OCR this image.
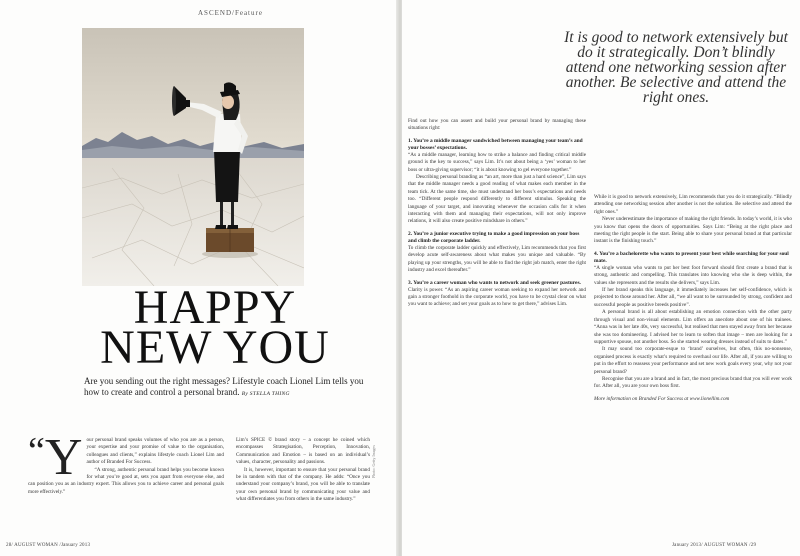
ASCEND/Feature
Photo: Getty Images
HAPPY
NEW YOU
Are you sending out the right messages? Lifestyle coach Lionel Lim tells you how to create and control a personal brand. By STELLA THING
“Y our personal brand speaks volumes of who you are as a person, your expertise and your promise of value to the organisation, colleagues and clients,” explains lifestyle coach Lionel Lim and author of Branded For Success.

“A strong, authentic personal brand helps you become known for what you’re good at, sets you apart from everyone else, and can position you as an industry expert. This allows you to achieve career and personal goals more effectively.”

Lim’s SPICE © brand story – a concept he coined which encompasses Strategisation, Perception, Innovation, Communication and Emotion – is based on an individual’s values, character, personality and passions.

It is, however, important to ensure that your personal brand be in tandem with that of the company. He adds: “Once you understand your company’s brand, you will be able to translate your own personal brand by communicating your value and what differentiates you from others in the same industry.”

28/ AUGUST WOMAN /January 2013
It is good to network extensively but do it strategically. Don’t blindly attend one networking session after another. Be selective and attend the right ones.

Find out how you can assert and build your personal brand by managing these situations right:

1. You’re a middle manager sandwiched between managing your team’s and your bosses’ expectations.

“As a middle manager, learning how to strike a balance and finding critical middle ground is the key to success,” says Lim. It’s not about being a ‘yes’ woman to her boss or ultra-giving supervisor; “it is about knowing to gel everyone together.”

Describing personal branding as “an art, more than just a hard science”, Lim says that the middle manager needs a good reading of what makes each member in the team tick. At the same time, she must understand her boss’s expectations and needs too. “Different people respond differently to different stimulus. Speaking the language of your target, and innovating whenever the occasion calls for it when interacting with them and managing their expectations, will not only improve relations, it will also create positive mindshare in others.”

2. You’re a junior executive trying to make a good impression on your boss and climb the corporate ladder.

To climb the corporate ladder quickly and effectively, Lim recommends that you first develop acute self-awareness about what makes you unique and valuable. “By playing up your strengths, you will be able to find the right job match, enter the right industry and excel thereafter.”

3. You’re a career woman who wants to network and seek greener pastures.

Clarity is power. “As an aspiring career woman seeking to expand her network and gain a stronger foothold in the corporate world, you have to be crystal clear on what you want to achieve; and set your goals as to how to get there,” advises Lim.

While it is good to network extensively, Lim recommends that you do it strategically. “Blindly attending one networking session after another is not the solution. Be selective and attend the right ones.”

Never underestimate the importance of making the right friends. In today’s world, it is who you know that opens the doors of opportunities. Says Lim: “Being at the right place and meeting the right people is the start. Being able to share your personal brand at that particular instant is the finishing touch.”

4. You’re a bachelorette who wants to present your best while searching for your soul mate.

“A single woman who wants to put her best foot forward should first create a brand that is strong, authentic and compelling. This translates into knowing who she is deep within, the values she represents and the results she delivers,” says Lim.

If her brand speaks this language, it immediately increases her self-confidence, which is projected to those around her. After all, “we all want to be surrounded by strong, confident and successful people as positive breeds positive”.

A personal brand is all about establishing an emotion connection with the other party through visual and non-visual elements. Lim offers an anecdote about one of his trainees. “Anna was in her late 40s, very successful, but realised that men stayed away from her because she was too domineering. I advised her to learn to soften that image – men are looking for a supportive spouse, not another boss. So she started wearing dresses instead of suits to dates.”

It may sound too corporate-esque to ‘brand’ ourselves, but often, this no-nonsense, organised process is exactly what’s required to overhaul our life. After all, if you are willing to put in the effort to reassess your performance and set new work goals every year, why not your personal brand?

Recognise that you are a brand and in fact, the most precious brand that you will ever work for. After all, you are your own boss first.

More information on Branded For Success at www.lionellim.com

January 2013/ AUGUST WOMAN /29
